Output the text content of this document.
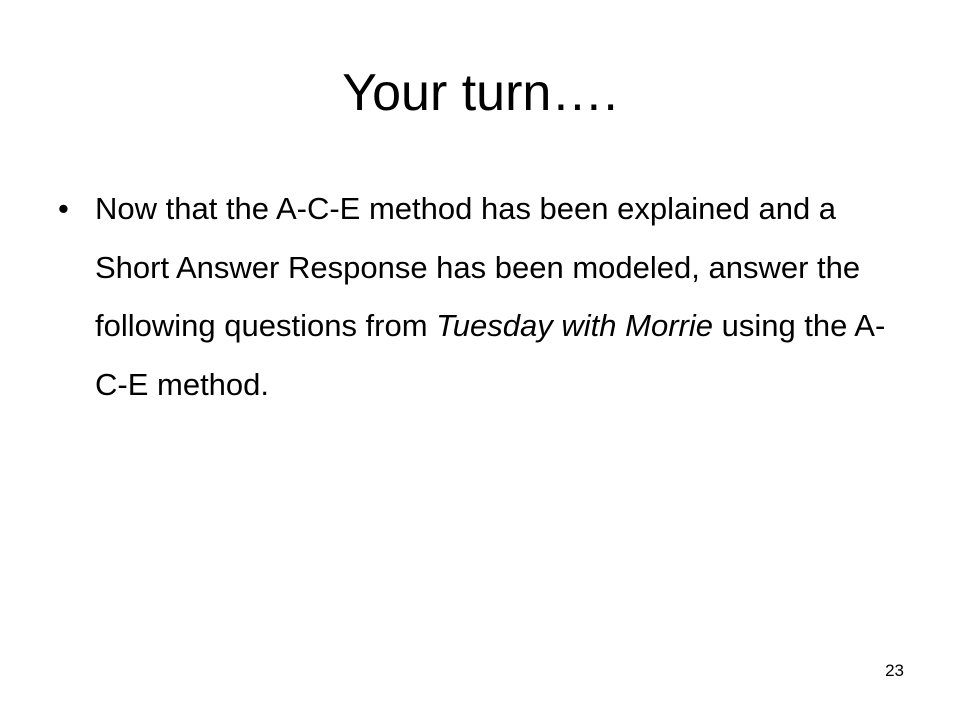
Your turn….
• Now that the A-C-E method has been explained and a Short Answer Response has been modeled, answer the following questions from Tuesday with Morrie using the A-C-E method.
23
